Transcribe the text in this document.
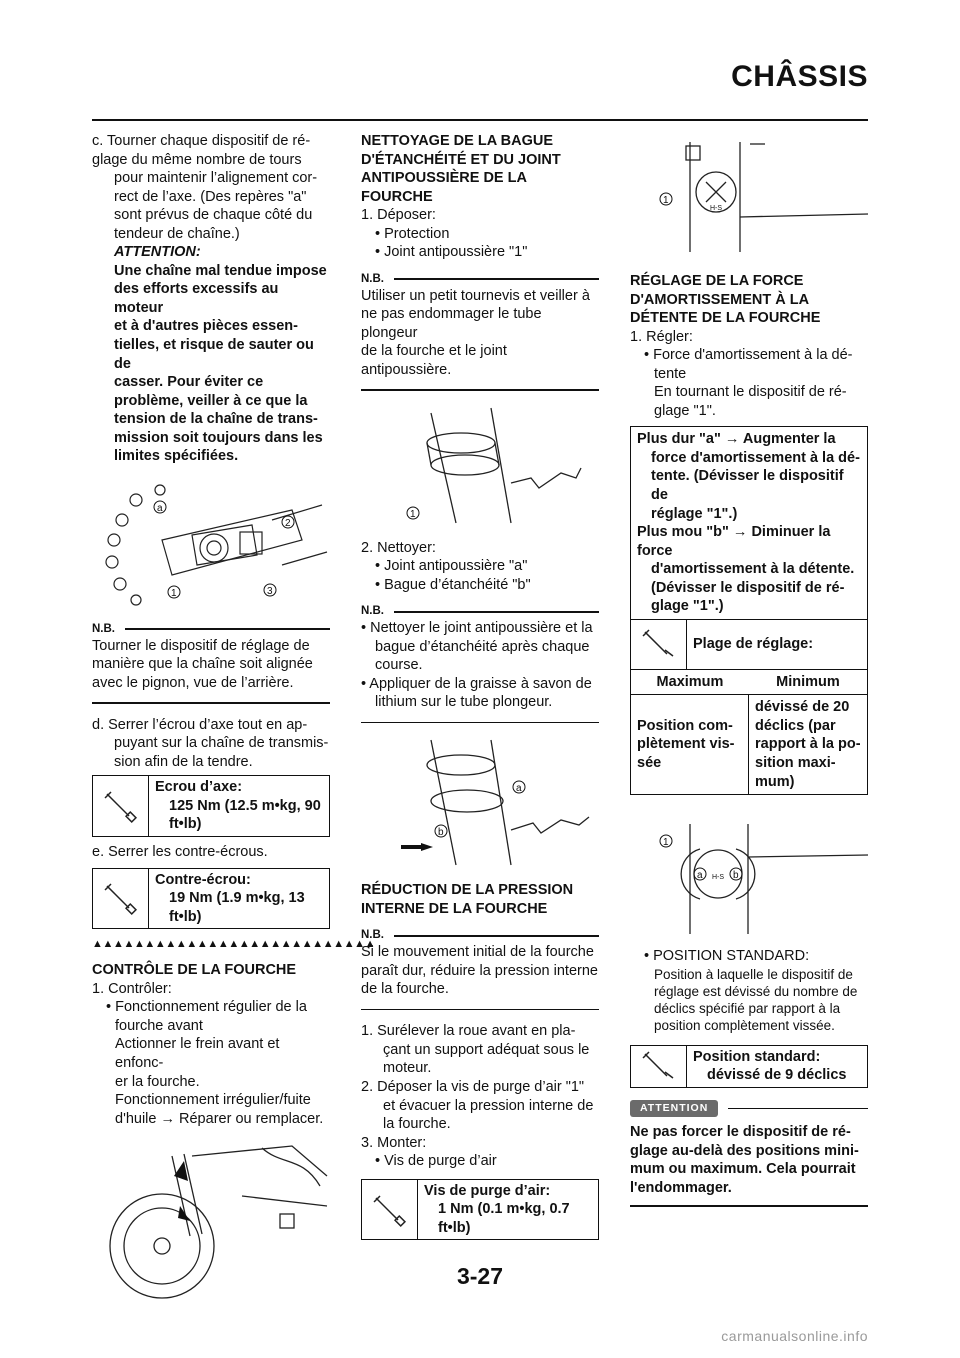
CHÂSSIS
c. Tourner chaque dispositif de ré-
glage du même nombre de tours
pour maintenir l’alignement cor-
rect de l’axe. (Des repères "a"
sont prévus de chaque côté du
tendeur de chaîne.) ATTENTION:
Une chaîne mal tendue impose
des efforts excessifs au moteur
et à d'autres pièces essen-
tielles, et risque de sauter ou de
casser. Pour éviter ce
problème, veiller à ce que la
tension de la chaîne de trans-
mission soit toujours dans les
limites spécifiées.
a
2
3
1
N.B.
Tourner le dispositif de réglage de
manière que la chaîne soit alignée
avec le pignon, vue de l’arrière.
d. Serrer l’écrou d’axe tout en ap-
puyant sur la chaîne de transmis-
sion afin de la tendre.
Ecrou d’axe:
125 Nm (12.5 m•kg, 90
ft•lb)
e. Serrer les contre-écrous.
Contre-écrou:
19 Nm (1.9 m•kg, 13
ft•lb)
▲▲▲▲▲▲▲▲▲▲▲▲▲▲▲▲▲▲▲▲▲▲▲▲▲▲▲
CONTRÔLE DE LA FOURCHE
1. Contrôler:
• Fonctionnement régulier de la
fourche avant
Actionner le frein avant et enfonc-
er la fourche.
Fonctionnement irrégulier/fuite
d'huile → Réparer ou remplacer.
NETTOYAGE DE LA BAGUE
D'ÉTANCHÉITÉ ET DU JOINT
ANTIPOUSSIÈRE DE LA
FOURCHE
1. Déposer:
• Protection
• Joint antipoussière "1"
N.B.
Utiliser un petit tournevis et veiller à
ne pas endommager le tube plongeur
de la fourche et le joint antipoussière.
1
2. Nettoyer:
• Joint antipoussière "a"
• Bague d’étanchéité "b"
N.B.
• Nettoyer le joint antipoussière et la
bague d’étanchéité après chaque
course.
• Appliquer de la graisse à savon de
lithium sur le tube plongeur.
a
b
RÉDUCTION DE LA PRESSION
INTERNE DE LA FOURCHE
N.B.
Si le mouvement initial de la fourche
paraît dur, réduire la pression interne
de la fourche.
1. Surélever la roue avant en pla-
çant un support adéquat sous le
moteur.
2. Déposer la vis de purge d’air "1"
et évacuer la pression interne de
la fourche.
3. Monter:
• Vis de purge d’air
Vis de purge d’air:
1 Nm (0.1 m•kg, 0.7
ft•lb)
H-S
1
RÉGLAGE DE LA FORCE
D'AMORTISSEMENT À LA
DÉTENTE DE LA FOURCHE
1. Régler:
• Force d'amortissement à la dé-
tente
En tournant le dispositif de ré-
glage "1".
Plus dur "a" → Augmenter la
force d'amortissement à la dé-
tente. (Dévisser le dispositif de
réglage "1".)
Plus mou "b" → Diminuer la force
d'amortissement à la détente.
(Dévisser le dispositif de ré-
glage "1".)
Plage de réglage:
Maximum	Minimum
Position com-
plètement vis-
sée
dévissé de 20
déclics (par
rapport à la po-
sition maxi-
mum)
H-S
1
a	b
• POSITION STANDARD:
Position à laquelle le dispositif de
réglage est dévissé du nombre de
déclics spécifié par rapport à la
position complètement vissée.
Position standard:
dévissé de 9 déclics
ATTENTION
Ne pas forcer le dispositif de ré-
glage au-delà des positions mini-
mum ou maximum. Cela pourrait
l'endommager.
3-27
carmanualsonline.info
